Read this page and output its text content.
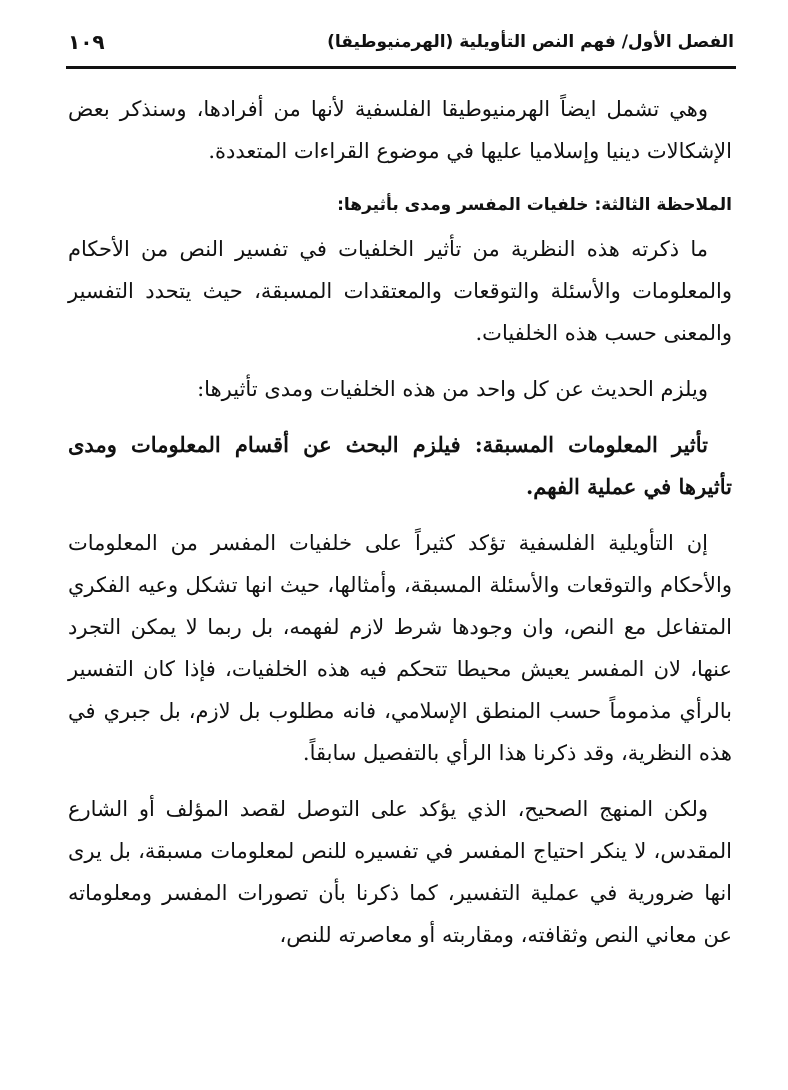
الفصل الأول/ فهم النص التأويلية (الهرمنيوطيقا)
١٠٩

وهي تشمل ايضاً الهرمنيوطيقا الفلسفية لأنها من أفرادها، وسنذكر بعض الإشكالات دينيا وإسلاميا عليها في موضوع القراءات المتعددة.

الملاحظة الثالثة: خلفيات المفسر ومدى بأثيرها:

ما ذكرته هذه النظرية من تأثير الخلفيات في تفسير النص من الأحكام والمعلومات والأسئلة والتوقعات والمعتقدات المسبقة، حيث يتحدد التفسير والمعنى حسب هذه الخلفيات.

ويلزم الحديث عن كل واحد من هذه الخلفيات ومدى تأثيرها:

تأثير المعلومات المسبقة: فيلزم البحث عن أقسام المعلومات ومدى تأثيرها في عملية الفهم.

إن التأويلية الفلسفية تؤكد كثيراً على خلفيات المفسر من المعلومات والأحكام والتوقعات والأسئلة المسبقة، وأمثالها، حيث انها تشكل وعيه الفكري المتفاعل مع النص، وان وجودها شرط لازم لفهمه، بل ربما لا يمكن التجرد عنها، لان المفسر يعيش محيطا تتحكم فيه هذه الخلفيات، فإذا كان التفسير بالرأي مذموماً حسب المنطق الإسلامي، فانه مطلوب بل لازم، بل جبري في هذه النظرية، وقد ذكرنا هذا الرأي بالتفصيل سابقاً.

ولكن المنهج الصحيح، الذي يؤكد على التوصل لقصد المؤلف أو الشارع المقدس، لا ينكر احتياج المفسر في تفسيره للنص لمعلومات مسبقة، بل يرى انها ضرورية في عملية التفسير، كما ذكرنا بأن تصورات المفسر ومعلوماته عن معاني النص وثقافته، ومقاربته أو معاصرته للنص،
